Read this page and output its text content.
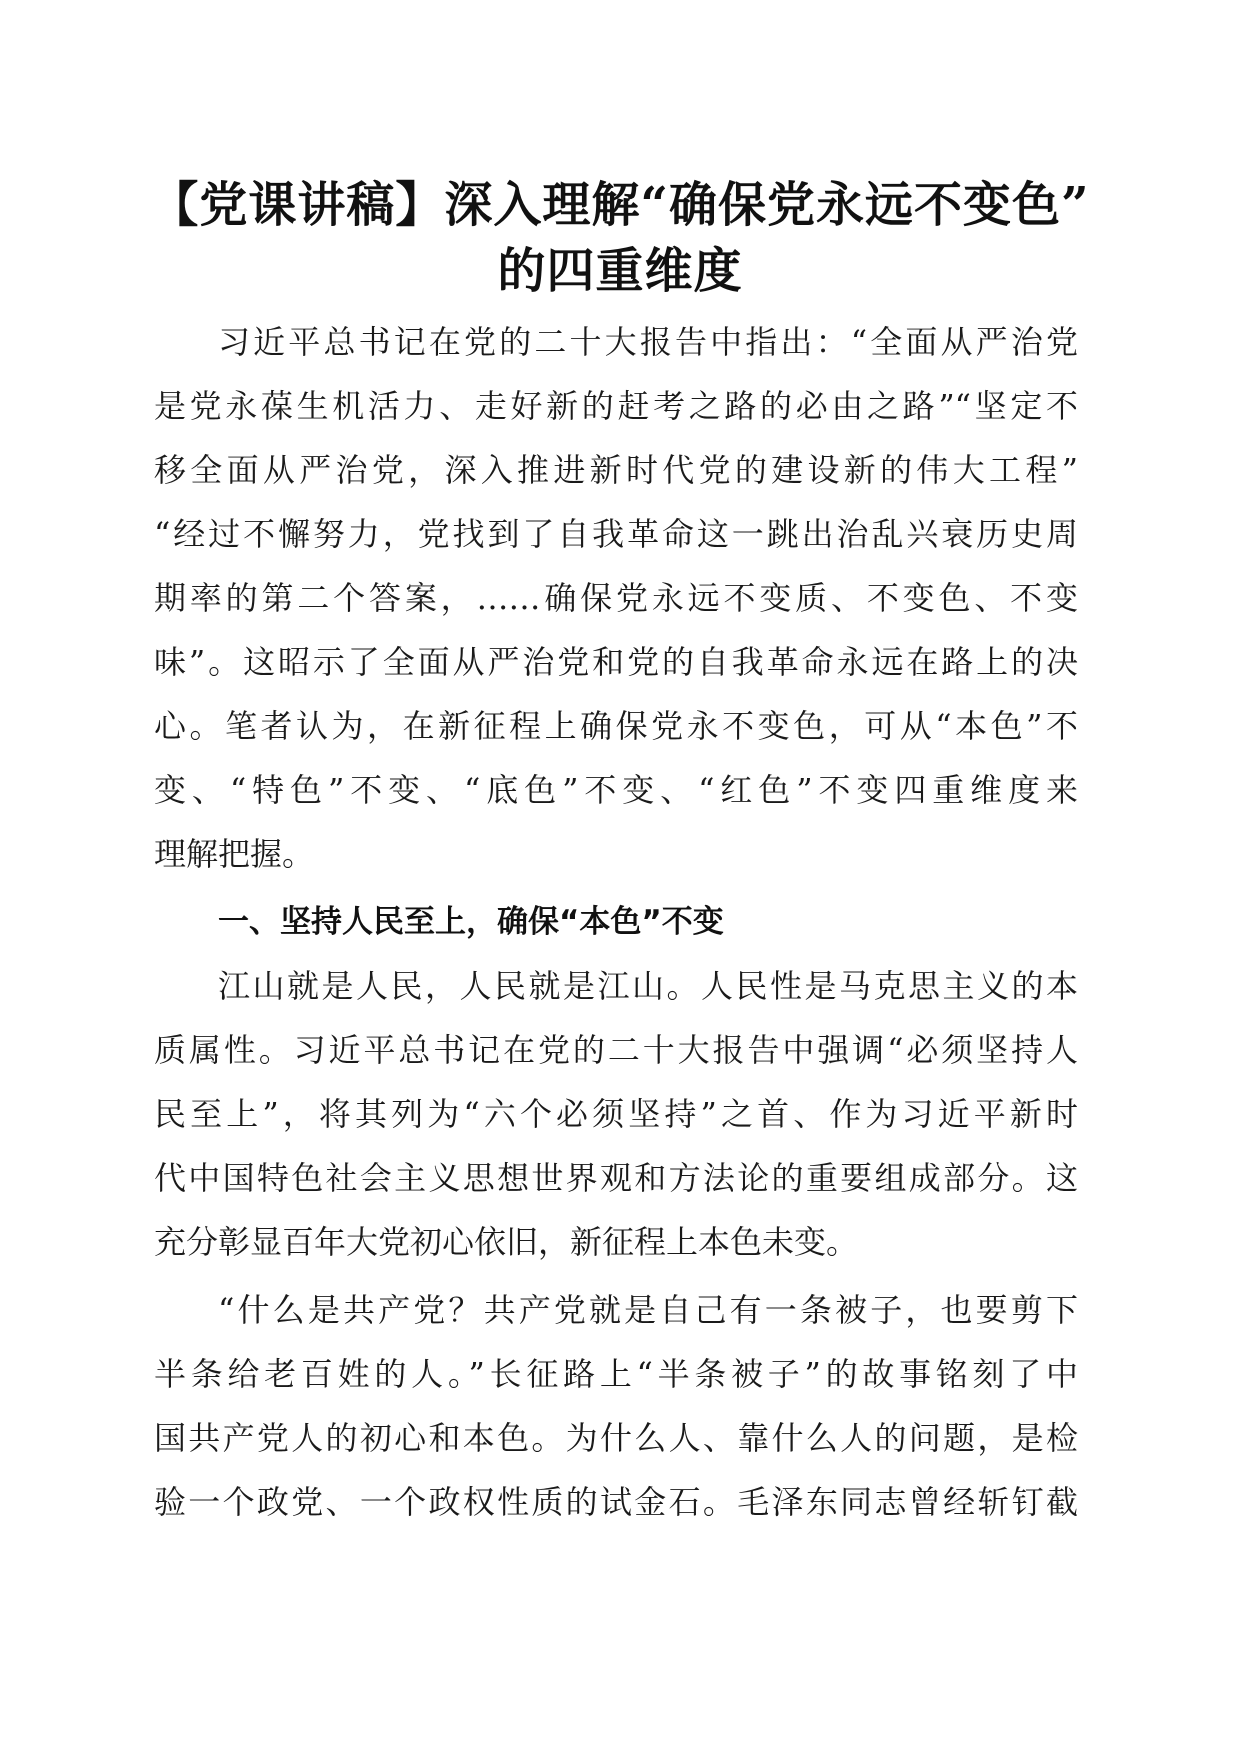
【党课讲稿】深入理解“确保党永远不变色”
的四重维度
习近平总书记在党的二十大报告中指出：“全面从严治党
是党永葆生机活力、走好新的赶考之路的必由之路”“坚定不
移全面从严治党，深入推进新时代党的建设新的伟大工程”
“经过不懈努力，党找到了自我革命这一跳出治乱兴衰历史周
期率的第二个答案，……确保党永远不变质、不变色、不变
味”。这昭示了全面从严治党和党的自我革命永远在路上的决
心。笔者认为，在新征程上确保党永不变色，可从“本色”不
变、“特色”不变、“底色”不变、“红色”不变四重维度来
理解把握。
一、坚持人民至上，确保“本色”不变
江山就是人民，人民就是江山。人民性是马克思主义的本
质属性。习近平总书记在党的二十大报告中强调“必须坚持人
民至上”，将其列为“六个必须坚持”之首、作为习近平新时
代中国特色社会主义思想世界观和方法论的重要组成部分。这
充分彰显百年大党初心依旧，新征程上本色未变。
“什么是共产党？共产党就是自己有一条被子，也要剪下
半条给老百姓的人。”长征路上“半条被子”的故事铭刻了中
国共产党人的初心和本色。为什么人、靠什么人的问题，是检
验一个政党、一个政权性质的试金石。毛泽东同志曾经斩钉截
